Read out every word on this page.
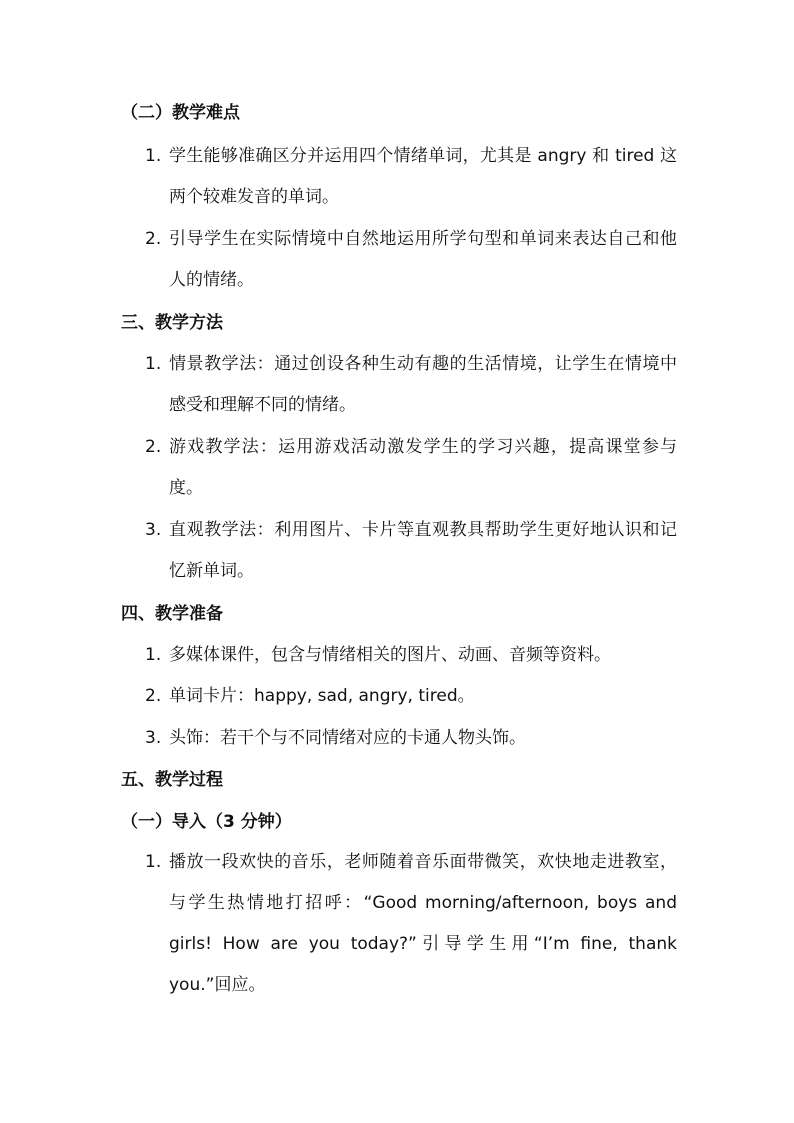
（二）教学难点
1. 学生能够准确区分并运用四个情绪单词，尤其是 angry 和 tired 这两个较难发音的单词。
2. 引导学生在实际情境中自然地运用所学句型和单词来表达自己和他人的情绪。
三、教学方法
1. 情景教学法：通过创设各种生动有趣的生活情境，让学生在情境中感受和理解不同的情绪。
2. 游戏教学法：运用游戏活动激发学生的学习兴趣，提高课堂参与度。
3. 直观教学法：利用图片、卡片等直观教具帮助学生更好地认识和记忆新单词。
四、教学准备
1. 多媒体课件，包含与情绪相关的图片、动画、音频等资料。
2. 单词卡片：happy, sad, angry, tired。
3. 头饰：若干个与不同情绪对应的卡通人物头饰。
五、教学过程
（一）导入（3 分钟）
1. 播放一段欢快的音乐，老师随着音乐面带微笑，欢快地走进教室，与学生热情地打招呼：“Good morning/afternoon, boys and girls! How are you today?”引导学生用“I’m fine, thank you.”回应。
